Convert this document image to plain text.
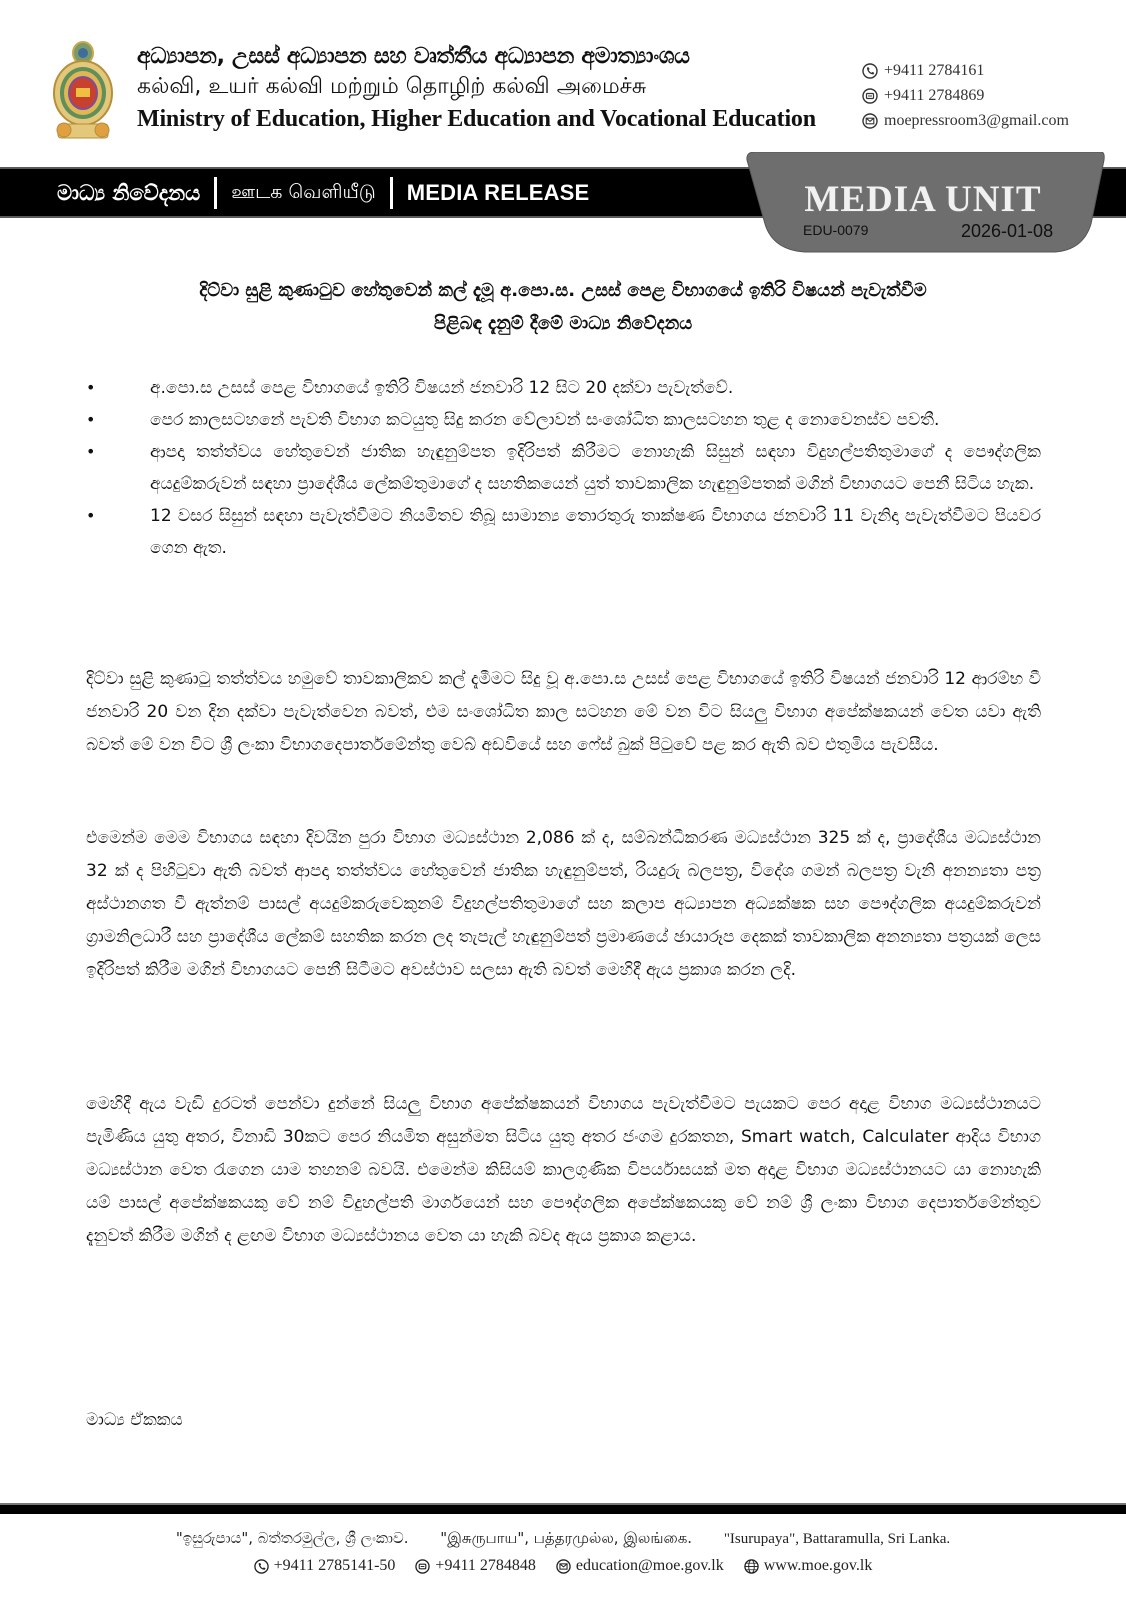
අධ්‍යාපන, උසස් අධ්‍යාපන සහ වෘත්තීය අධ්‍යාපන අමාත්‍යාංශය
கல்வி, உயர் கல்வி மற்றும் தொழிற் கல்வி அமைச்சு
Ministry of Education, Higher Education and Vocational Education
+9411 2784161
+9411 2784869
moepressroom3@gmail.com
මාධ්‍ය නිවේදනය ஊடக வெளியீடு MEDIA RELEASE	MEDIA UNIT
EDU-0079	2026-01-08
දිට්වා සුළි කුණාටුව හේතුවෙන් කල් දැමූ අ.පො.ස. උසස් පෙළ විභාගයේ ඉතිරි විෂයන් පැවැත්වීම
පිළිබඳ දැනුම් දීමේ මාධ්‍ය නිවේදනය
•	අ.පො.ස උසස් පෙළ විභාගයේ ඉතිරි විෂයන් ජනවාරි 12 සිට 20 දක්වා පැවැත්වේ.
•	පෙර කාලසටහනේ පැවති විභාග කටයුතු සිදු කරන වේලාවන් සංශෝධිත කාලසටහන තුළ ද නොවෙනස්ව පවතී.
•	ආපදා තත්ත්වය හේතුවෙන් ජාතික හැඳුනුම්පත ඉදිරිපත් කිරීමට නොහැකි සිසුන් සඳහා විදුහල්පතිතුමාගේ ද පෞද්ගලික අයදුම්කරුවන් සඳහා ප්‍රාදේශීය ලේකම්තුමාගේ ද සහතිකයෙන් යුත් තාවකාලික හැඳුනුම්පතක් මගින් විභාගයට පෙනී සිටිය හැක.
•	12 වසර සිසුන් සඳහා පැවැත්වීමට නියමිතව තිබූ සාමාන්‍ය තොරතුරු තාක්ෂණ විභාගය ජනවාරි 11 වැනිදා පැවැත්වීමට පියවර ගෙන ඇත.

දිට්වා සුළි කුණාටු තත්ත්වය හමුවේ තාවකාලිකව කල් දැමීමට සිදු වූ අ.පො.ස උසස් පෙළ විභාගයේ ඉතිරි විෂයන් ජනවාරි 12 ආරම්භ වී ජනවාරි 20 වන දින දක්වා පැවැත්වෙන බවත්, එම සංශෝධිත කාල සටහන මේ වන විට සියලු විභාග අපේක්ෂකයන් වෙත යවා ඇති බවත් මේ වන විට ශ්‍රී ලංකා විභාගදෙපාර්තමේන්තු වෙබ් අඩවියේ සහ ෆේස් බුක් පිටුවේ පළ කර ඇති බව එතුමිය පැවසීය.

එමෙන්ම මෙම විභාගය සඳහා දිවයින පුරා විභාග මධ්‍යස්ථාන 2,086 ක් ද, සම්බන්ධීකරණ මධ්‍යස්ථාන 325 ක් ද, ප්‍රාදේශීය මධ්‍යස්ථාන 32 ක් ද පිහිටුවා ඇති බවත් ආපදා තත්ත්වය හේතුවෙන් ජාතික හැඳුනුම්පත්, රියදුරු බලපත්‍ර, විදේශ ගමන් බලපත්‍ර වැනි අනන්‍යතා පත්‍ර අස්ථානගත වී ඇත්නම් පාසල් අයදුම්කරුවෙකුනම් විදුහල්පතිතුමාගේ සහ කලාප අධ්‍යාපන අධ්‍යක්ෂක සහ පෞද්ගලික අයදුම්කරුවන් ග්‍රාමනිලධාරී සහ ප්‍රාදේශීය ලේකම් සහතික කරන ලද තැපැල් හැඳුනුම්පත් ප්‍රමාණයේ ඡායාරූප දෙකක් තාවකාලික අනන්‍යතා පත්‍රයක් ලෙස ඉදිරිපත් කිරීම මගින් විභාගයට පෙනී සිටීමට අවස්ථාව සලසා ඇති බවත් මෙහිදී ඇය ප්‍රකාශ කරන ලදි.

මෙහිදී ඇය වැඩි දුරටත් පෙන්වා දුන්නේ සියලු විභාග අපේක්ෂකයන් විභාගය පැවැත්වීමට පැයකට පෙර අදාළ විභාග මධ්‍යස්ථානයට පැමිණිය යුතු අතර, විනාඩි 30කට පෙර නියමිත අසුන්මත සිටිය යුතු අතර ජංගම දුරකතන, Smart watch, Calculater ආදිය විභාග මධ්‍යස්ථාන වෙත රැගෙන යාම තහනම් බවයි. එමෙන්ම කිසියම් කාලගුණික විපර්යාසයක් මත අදාළ විභාග මධ්‍යස්ථානයට යා නොහැකි යම් පාසල් අපේක්ෂකයකු වේ නම් විදුහල්පති මාර්ගයෙන් සහ පෞද්ගලික අපේක්ෂකයකු වේ නම් ශ්‍රී ලංකා විභාග දෙපාර්තමේන්තුව දැනුවත් කිරීම මගින් ද ළඟම විභාග මධ්‍යස්ථානය වෙත යා හැකි බවද ඇය ප්‍රකාශ කළාය.

මාධ්‍ය ඒකකය
"ඉසුරුපාය", බත්තරමුල්ල, ශ්‍රී ලංකාව. "இசுருபாய", பத்தரமுல்ல, இலங்கை. "Isurupaya", Battaramulla, Sri Lanka.
+9411 2785141-50	+9411 2784848	education@moe.gov.lk	www.moe.gov.lk
